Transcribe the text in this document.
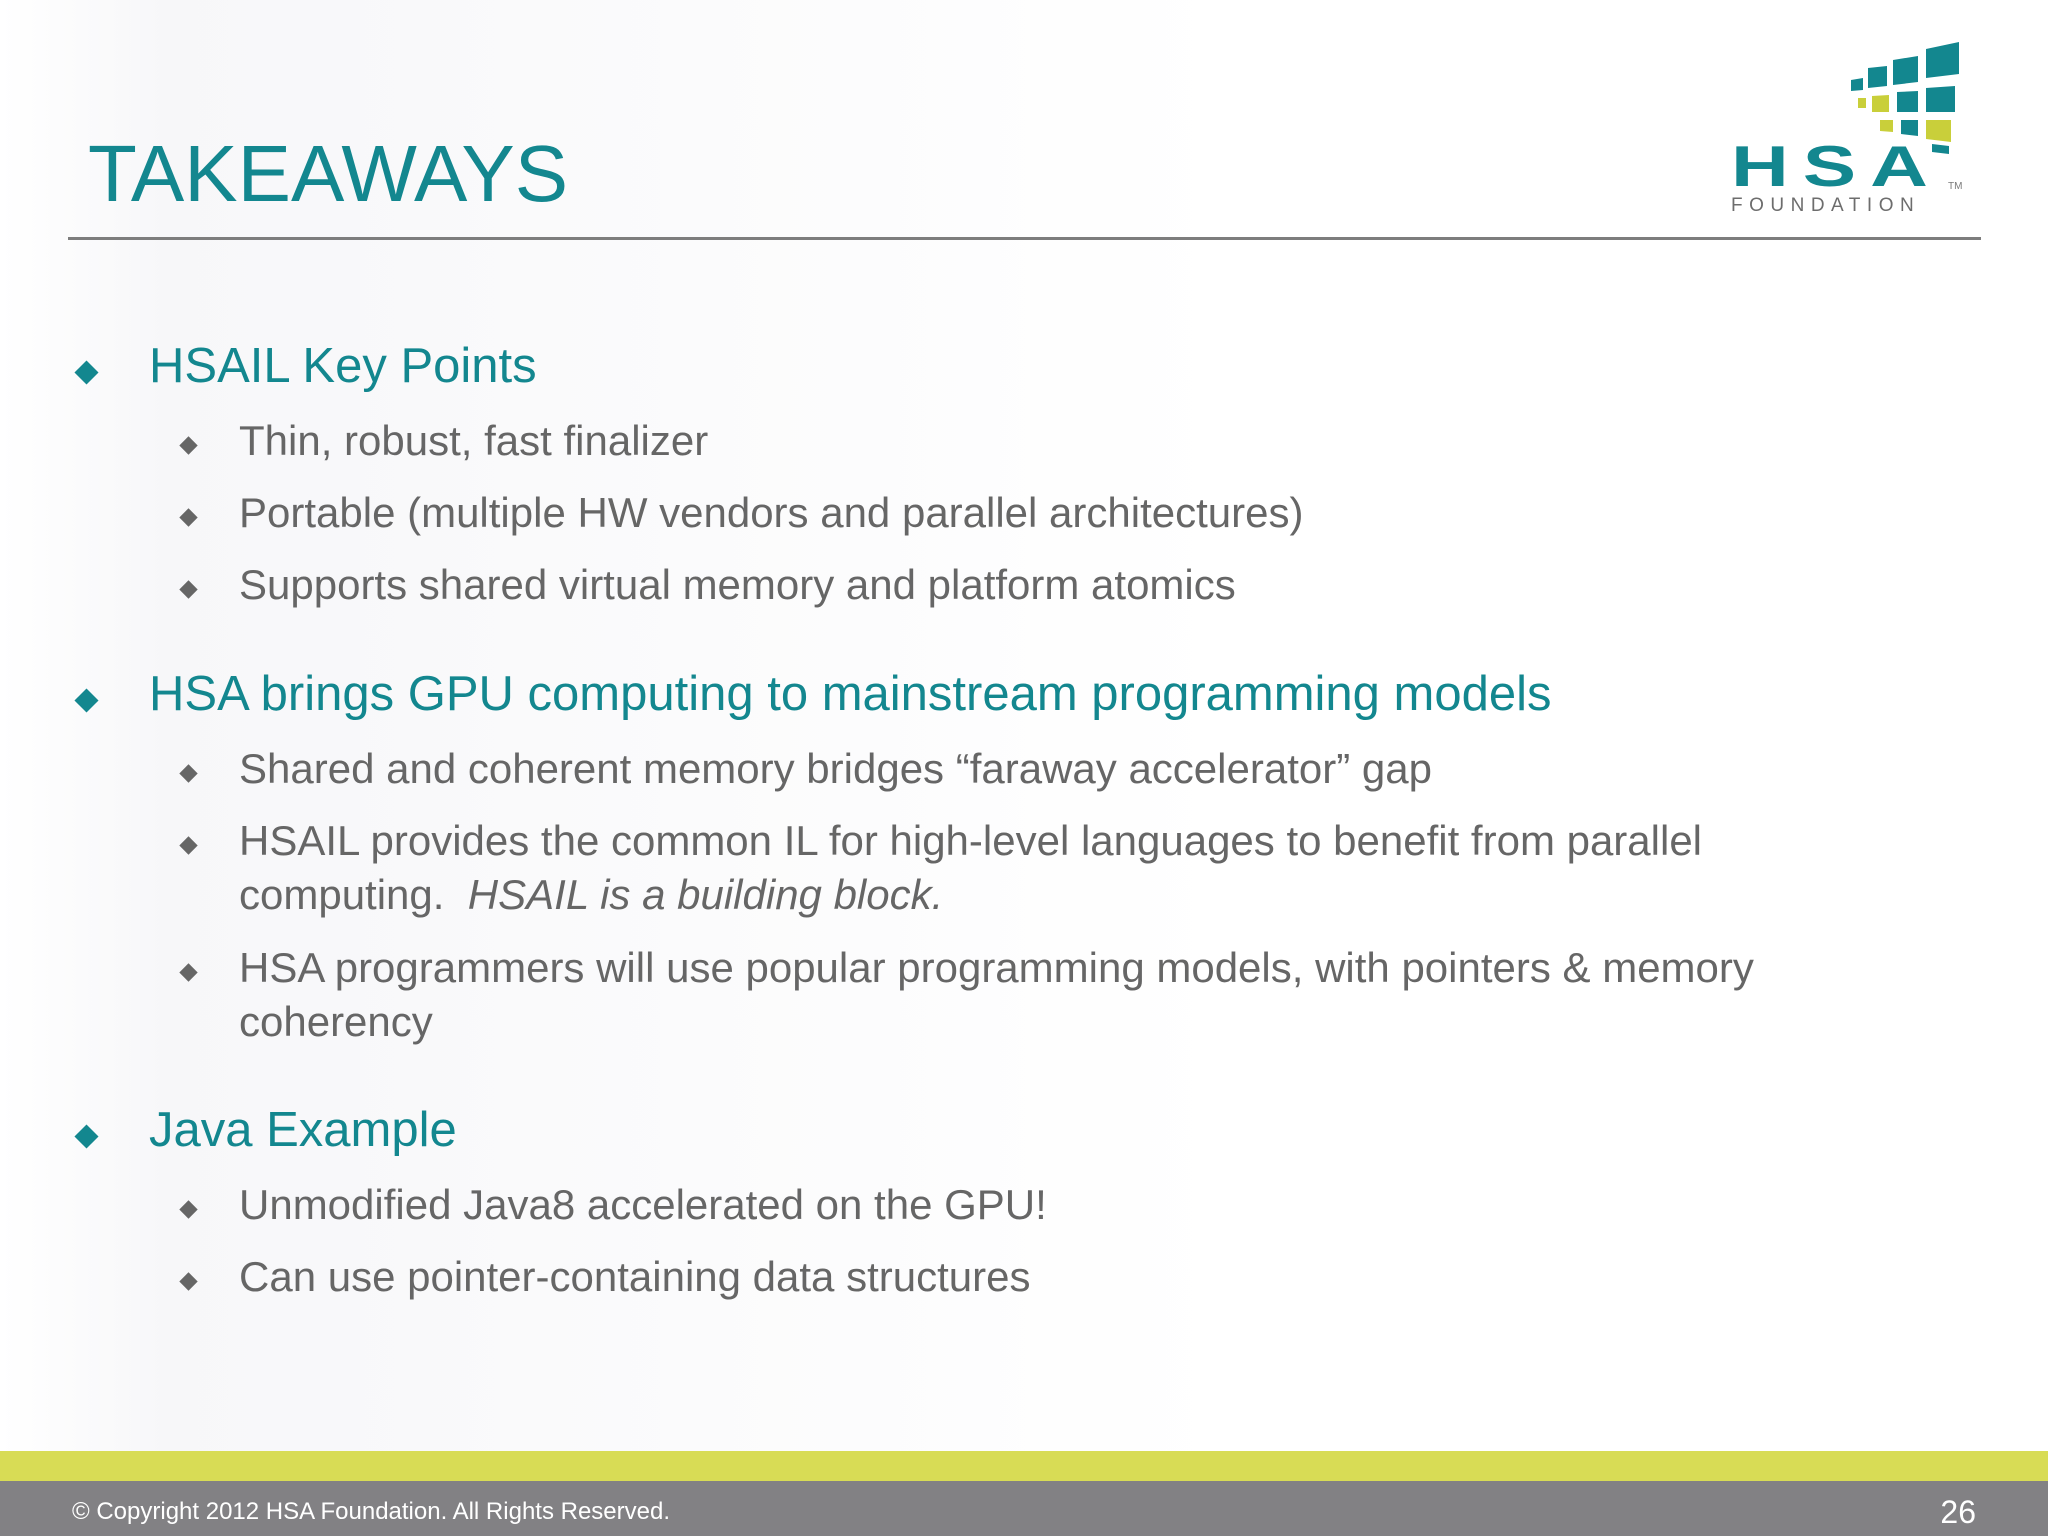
TAKEAWAYS	HSA TM
FOUNDATION
HSAIL Key Points
Thin, robust, fast finalizer
Portable (multiple HW vendors and parallel architectures)
Supports shared virtual memory and platform atomics
HSA brings GPU computing to mainstream programming models
Shared and coherent memory bridges “faraway accelerator” gap
HSAIL provides the common IL for high-level languages to benefit from parallel
computing.  HSAIL is a building block.
HSA programmers will use popular programming models, with pointers & memory
coherency
Java Example
Unmodified Java8 accelerated on the GPU!
Can use pointer-containing data structures
© Copyright 2012 HSA Foundation. All Rights Reserved.	26
